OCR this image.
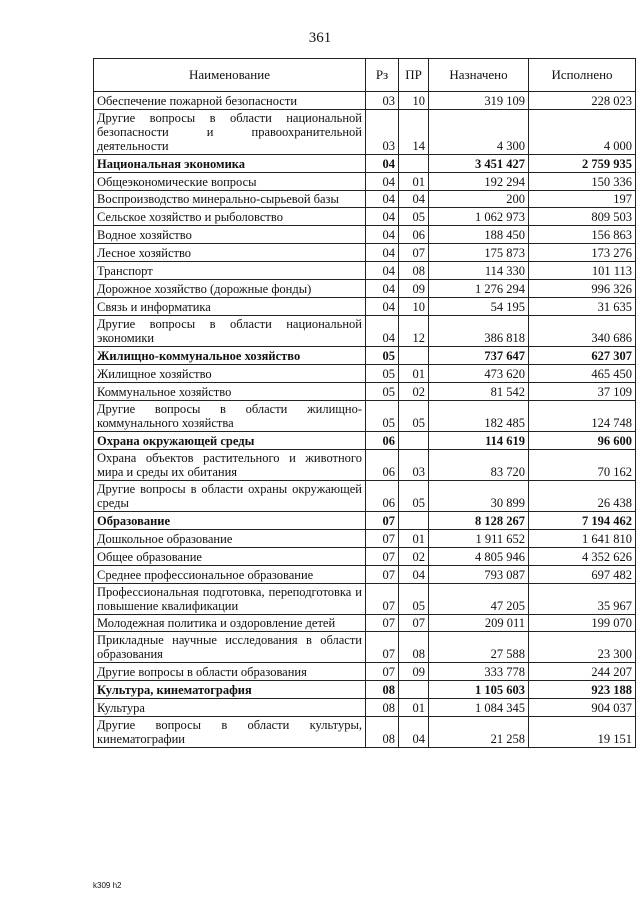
361
Наименование	Рз	ПР	Назначено	Исполнено
Обеспечение пожарной безопасности	03	10	319 109	228 023
Другие вопросы в области национальной безопасности и правоохранительной деятельности	03	14	4 300	4 000
Национальная экономика	04		3 451 427	2 759 935
Общеэкономические вопросы	04	01	192 294	150 336
Воспроизводство минерально-сырьевой базы	04	04	200	197
Сельское хозяйство и рыболовство	04	05	1 062 973	809 503
Водное хозяйство	04	06	188 450	156 863
Лесное хозяйство	04	07	175 873	173 276
Транспорт	04	08	114 330	101 113
Дорожное хозяйство (дорожные фонды)	04	09	1 276 294	996 326
Связь и информатика	04	10	54 195	31 635
Другие вопросы в области национальной экономики	04	12	386 818	340 686
Жилищно-коммунальное хозяйство	05		737 647	627 307
Жилищное хозяйство	05	01	473 620	465 450
Коммунальное хозяйство	05	02	81 542	37 109
Другие вопросы в области жилищно-коммунального хозяйства	05	05	182 485	124 748
Охрана окружающей среды	06		114 619	96 600
Охрана объектов растительного и животного мира и среды их обитания	06	03	83 720	70 162
Другие вопросы в области охраны окружающей среды	06	05	30 899	26 438
Образование	07		8 128 267	7 194 462
Дошкольное образование	07	01	1 911 652	1 641 810
Общее образование	07	02	4 805 946	4 352 626
Среднее профессиональное образование	07	04	793 087	697 482
Профессиональная подготовка, переподготовка и повышение квалификации	07	05	47 205	35 967
Молодежная политика и оздоровление детей	07	07	209 011	199 070
Прикладные научные исследования в области образования	07	08	27 588	23 300
Другие вопросы в области образования	07	09	333 778	244 207
Культура, кинематография	08		1 105 603	923 188
Культура	08	01	1 084 345	904 037
Другие вопросы в области культуры, кинематографии	08	04	21 258	19 151
k309 h2
